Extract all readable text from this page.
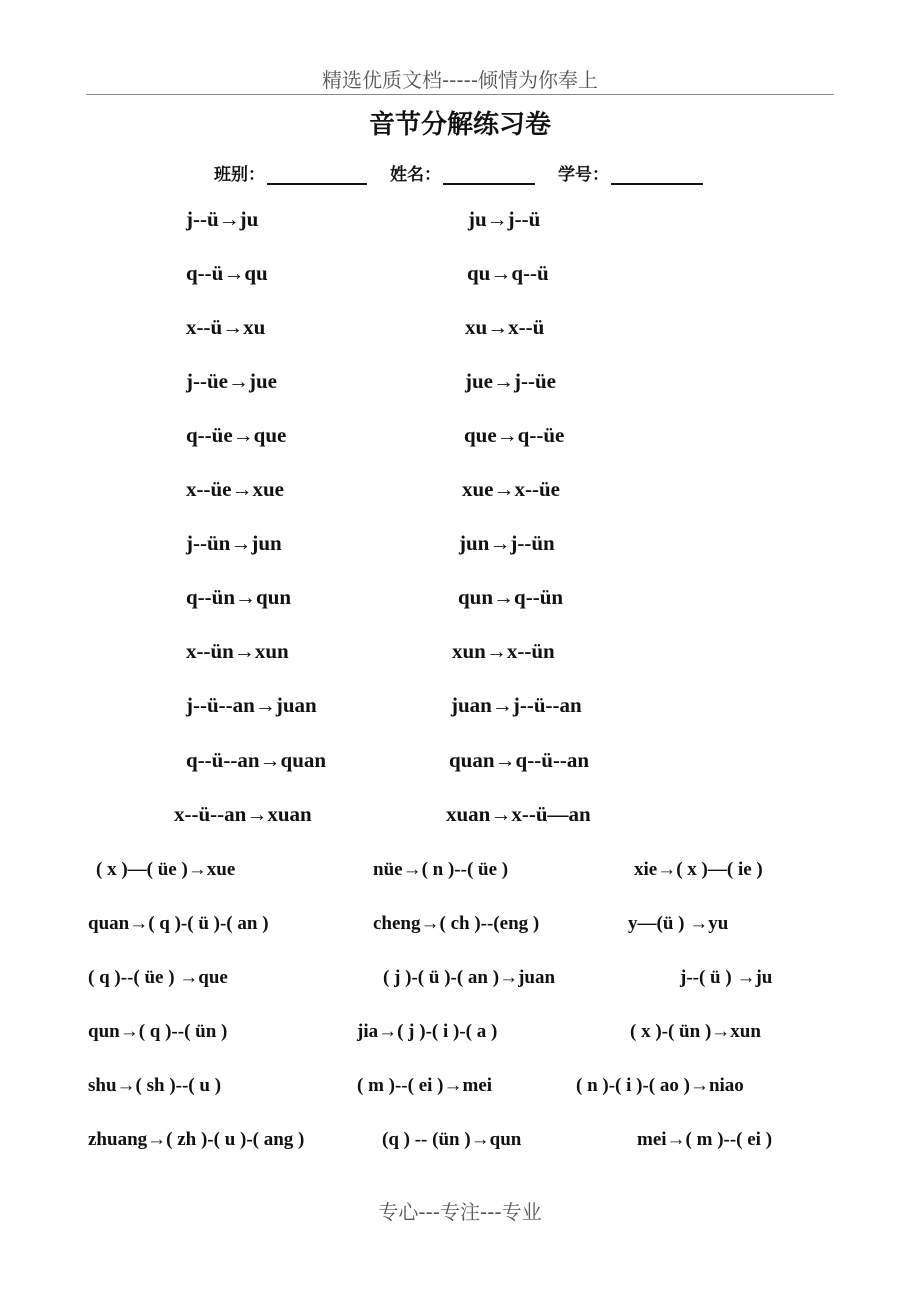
精选优质文档-----倾情为你奉上
音节分解练习卷
班别：	姓名：	学号：
j--ü→ju	ju→j--ü
q--ü→qu	qu→q--ü
x--ü→xu	xu→x--ü
j--üe→jue	jue→j--üe
q--üe→que	que→q--üe
x--üe→xue	xue→x--üe
j--ün→jun	jun→j--ün
q--ün→qun	qun→q--ün
x--ün→xun	xun→x--ün
j--ü--an→juan	juan→j--ü--an
q--ü--an→quan	quan→q--ü--an
x--ü--an→xuan	xuan→x--ü—an
( x )—( üe )→xue	nüe→( n )--( üe )	xie→( x )—( ie )
quan→( q )-( ü )-( an )	cheng→( ch )--(eng )	y—(ü ) →yu
( q )--( üe ) →que	( j )-( ü )-( an )→juan	j--( ü ) →ju
qun→( q )--( ün )	jia→( j )-( i )-( a )	( x )-( ün )→xun
shu→( sh )--( u )	( m )--( ei )→mei	( n )-( i )-( ao )→niao
zhuang→( zh )-( u )-( ang )	(q ) -- (ün )→qun	mei→( m )--( ei )
专心---专注---专业
